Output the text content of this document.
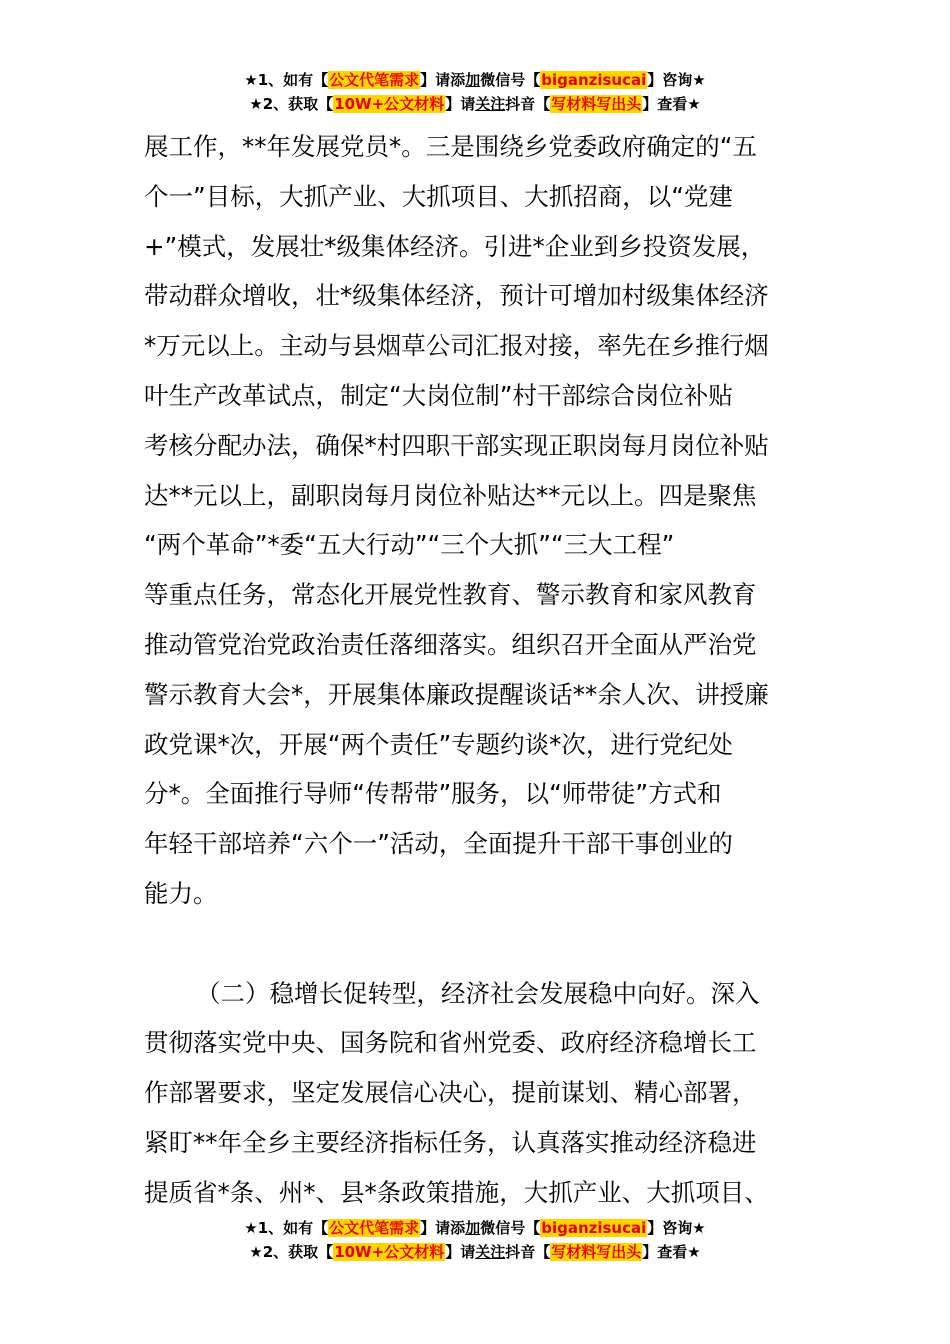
★1、如有【公文代笔需求】请添加微信号【biganzisucai】咨询★
★2、获取【10W+公文材料】请关注抖音【写材料写出头】查看★
展工作，**年发展党员*。三是围绕乡党委政府确定的“五
个一”目标，大抓产业、大抓项目、大抓招商，以“党建
+”模式，发展壮*级集体经济。引进*企业到乡投资发展，
带动群众增收，壮*级集体经济，预计可增加村级集体经济
*万元以上。主动与县烟草公司汇报对接，率先在乡推行烟
叶生产改革试点，制定“大岗位制”村干部综合岗位补贴
考核分配办法，确保*村四职干部实现正职岗每月岗位补贴
达**元以上，副职岗每月岗位补贴达**元以上。四是聚焦
“两个革命”*委“五大行动”“三个大抓”“三大工程”
等重点任务，常态化开展党性教育、警示教育和家风教育
推动管党治党政治责任落细落实。组织召开全面从严治党
警示教育大会*，开展集体廉政提醒谈话**余人次、讲授廉
政党课*次，开展“两个责任”专题约谈*次，进行党纪处
分*。全面推行导师“传帮带”服务，以“师带徒”方式和
年轻干部培养“六个一”活动，全面提升干部干事创业的
能力。
（二）稳增长促转型，经济社会发展稳中向好。深入
贯彻落实党中央、国务院和省州党委、政府经济稳增长工
作部署要求，坚定发展信心决心，提前谋划、精心部署，
紧盯**年全乡主要经济指标任务，认真落实推动经济稳进
提质省*条、州*、县*条政策措施，大抓产业、大抓项目、
★1、如有【公文代笔需求】请添加微信号【biganzisucai】咨询★
★2、获取【10W+公文材料】请关注抖音【写材料写出头】查看★
